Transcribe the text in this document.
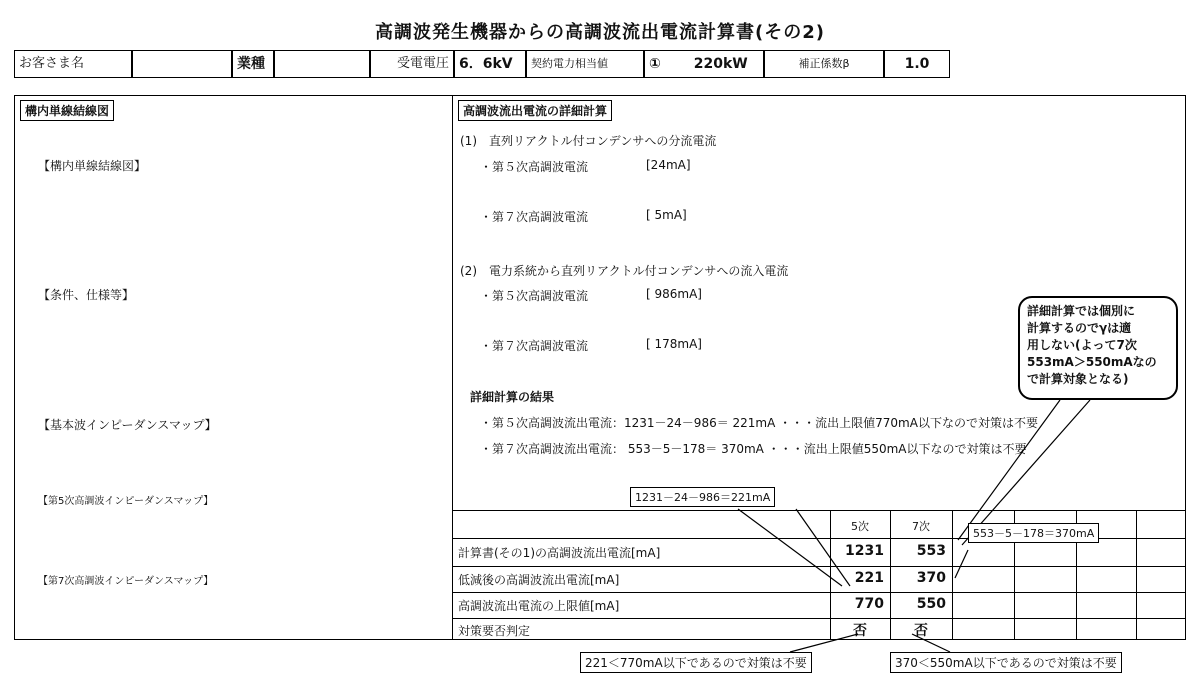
高調波発生機器からの高調波流出電流計算書(その2)
お客さま名	業種	受電電圧 6．6kV	契約電力相当値	① 220kW	補正係数β	1.0
構内単線結線図
【構内単線結線図】
【条件、仕様等】
【基本波インピーダンスマップ】
【第5次高調波インピーダンスマップ】
【第7次高調波インピーダンスマップ】
高調波流出電流の詳細計算
(1)　直列リアクトル付コンデンサへの分流電流
・第５次高調波電流	[24mA]
・第７次高調波電流	[ 5mA]
(2)　電力系統から直列リアクトル付コンデンサへの流入電流
・第５次高調波電流	[ 986mA]
・第７次高調波電流	[ 178mA]
詳細計算の結果
・第５次高調波流出電流：1231－24－986＝ 221mA ・・・流出上限値770mA以下なので対策は不要
・第７次高調波流出電流： 553－5－178＝ 370mA ・・・流出上限値550mA以下なので対策は不要
5次	7次
計算書(その1)の高調波流出電流[mA]	1231	553
低減後の高調波流出電流[mA]	221	370
高調波流出電流の上限値[mA]	770	550
対策要否判定	否	否
1231－24－986＝221mA
553－5－178＝370mA
221＜770mA以下であるので対策は不要	370＜550mA以下であるので対策は不要
詳細計算では個別に
計算するのでγは適
用しない(よって7次
553mA＞550mAなの
で計算対象となる)
